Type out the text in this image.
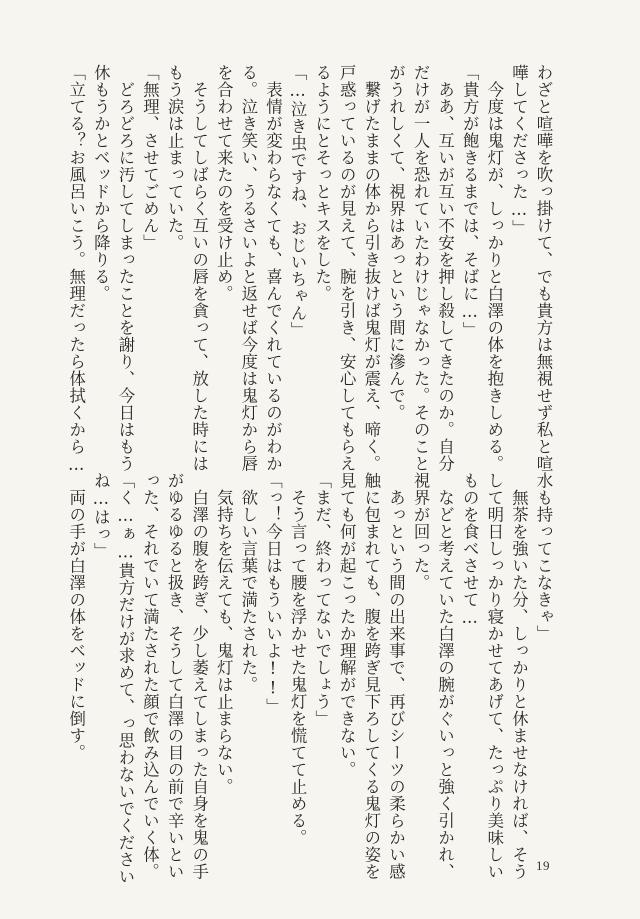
わざと喧嘩を吹っ掛けて、でも貴方は無視せず私と喧
嘩してくださった…」
　今度は鬼灯が、しっかりと白澤の体を抱きしめる。
「貴方が飽きるまでは、そばに…」
　ああ、互いが互い不安を押し殺してきたのか。自分
だけが一人を恐れていたわけじゃなかった。そのこと
がうれしくて、視界はあっという間に滲んで。
　繋げたままの体から引き抜けば鬼灯が震え、啼く。
戸惑っているのが見えて、腕を引き、安心してもらえ
るようにとそっとキスをした。
「…泣き虫ですね、おじいちゃん」
　表情が変わらなくても、喜んでくれているのがわか
る。泣き笑い、うるさいよと返せば今度は鬼灯から唇
を合わせて来たのを受け止め。
　そうしてしばらく互いの唇を貪って、放した時には
もう涙は止まっていた。
「無理、させてごめん」
　どろどろに汚してしまったことを謝り、今日はもう
休もうかとベッドから降りる。
「立てる？お風呂いこう。無理だったら体拭くから…
水も持ってこなきゃ」
　無茶を強いた分、しっかりと休ませなければ、そう
して明日しっかり寝かせてあげて、たっぷり美味しい
ものを食べさせて…
　などと考えていた白澤の腕がぐいっと強く引かれ、
視界が回った。
　あっという間の出来事で、再びシーツの柔らかい感
触に包まれても、腹を跨ぎ見下ろしてくる鬼灯の姿を
見ても何が起こったか理解ができない。
「まだ、終わってないでしょう」
　そう言って腰を浮かせた鬼灯を慌てて止める。
「っ！今日はもういいよ!!」
　欲しい言葉で満たされた。
　気持ちを伝えても、鬼灯は止まらない。
　白澤の腹を跨ぎ、少し萎えてしまった自身を鬼の手
がゆるゆると扱き、そうして白澤の目の前で辛いとい
った、それでいて満たされた顔で飲み込んでいく体。
「く…ぁ…貴方だけが求めて、っ思わないでください
ね…はっ」
　両の手が白澤の体をベッドに倒す。
19
